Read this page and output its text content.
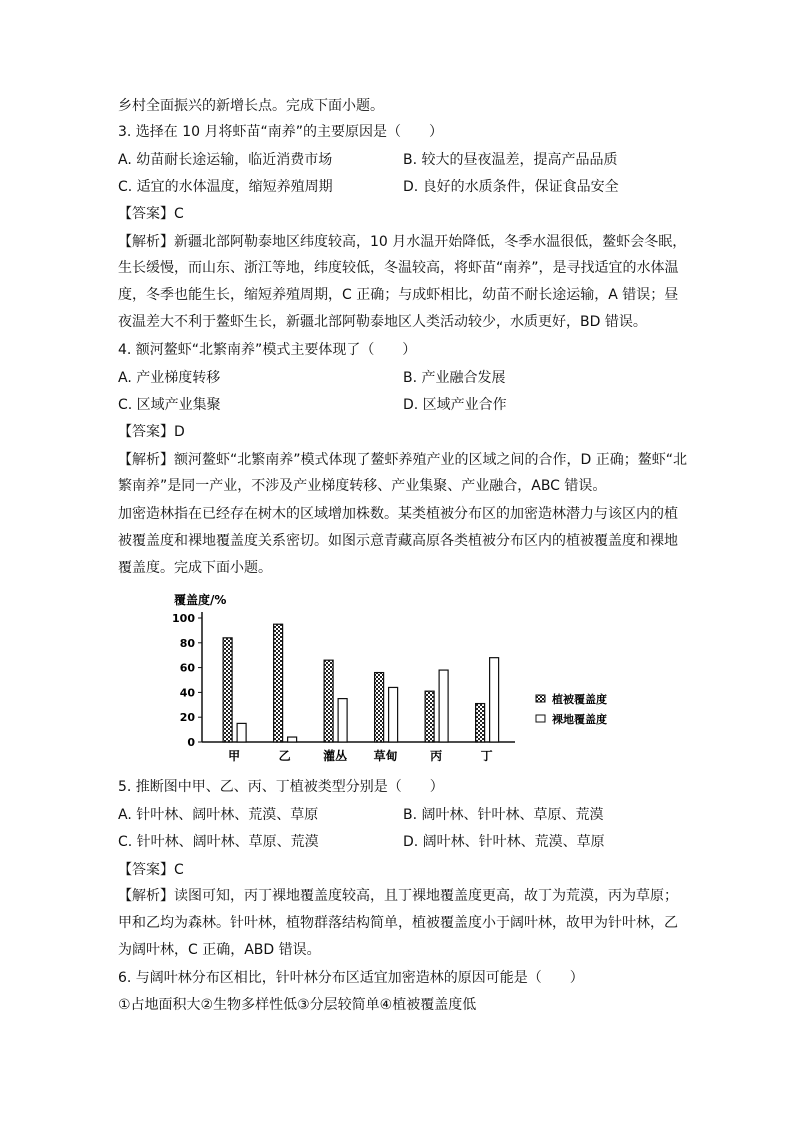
乡村全面振兴的新增长点。完成下面小题。
3. 选择在 10 月将虾苗“南养”的主要原因是（　　）
A. 幼苗耐长途运输，临近消费市场	B. 较大的昼夜温差，提高产品品质
C. 适宜的水体温度，缩短养殖周期	D. 良好的水质条件，保证食品安全
【答案】C
【解析】新疆北部阿勒泰地区纬度较高，10 月水温开始降低，冬季水温很低，鳌虾会冬眠，
生长缓慢，而山东、浙江等地，纬度较低，冬温较高，将虾苗“南养”，是寻找适宜的水体温
度，冬季也能生长，缩短养殖周期，C 正确；与成虾相比，幼苗不耐长途运输，A 错误；昼
夜温差大不利于鳌虾生长，新疆北部阿勒泰地区人类活动较少，水质更好，BD 错误。
4. 额河鳌虾“北繁南养”模式主要体现了（　　）
A. 产业梯度转移	B. 产业融合发展
C. 区域产业集聚	D. 区域产业合作
【答案】D
【解析】额河鳌虾“北繁南养”模式体现了鳌虾养殖产业的区域之间的合作，D 正确；鳌虾“北
繁南养”是同一产业，不涉及产业梯度转移、产业集聚、产业融合，ABC 错误。
加密造林指在已经存在树木的区域增加株数。某类植被分布区的加密造林潜力与该区内的植
被覆盖度和裸地覆盖度关系密切。如图示意青藏高原各类植被分布区内的植被覆盖度和裸地
覆盖度。完成下面小题。
覆盖度/%
0
20
40
60
80
100
甲	乙	灌丛 草甸	丙	丁
植被覆盖度
裸地覆盖度
5. 推断图中甲、乙、丙、丁植被类型分别是（　　）
A. 针叶林、阔叶林、荒漠、草原	B. 阔叶林、针叶林、草原、荒漠
C. 针叶林、阔叶林、草原、荒漠	D. 阔叶林、针叶林、荒漠、草原
【答案】C
【解析】读图可知，丙丁裸地覆盖度较高，且丁裸地覆盖度更高，故丁为荒漠，丙为草原；
甲和乙均为森林。针叶林，植物群落结构简单，植被覆盖度小于阔叶林，故甲为针叶林，乙
为阔叶林，C 正确，ABD 错误。
6. 与阔叶林分布区相比，针叶林分布区适宜加密造林的原因可能是（　　）
①占地面积大②生物多样性低③分层较简单④植被覆盖度低
